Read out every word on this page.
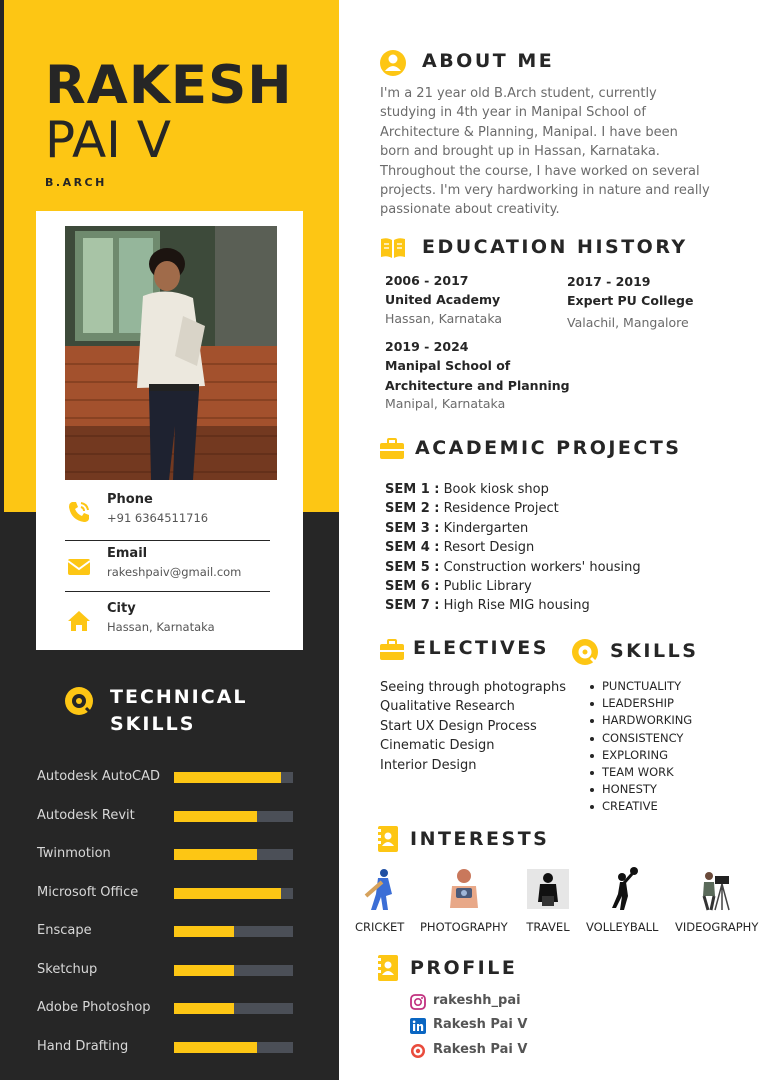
RAKESH
PAI V
B.ARCH
Phone
+91 6364511716
Email
rakeshpaiv@gmail.com
City
Hassan, Karnataka
TECHNICAL
SKILLS
Autodesk AutoCAD
Autodesk Revit
Twinmotion
Microsoft Office
Enscape
Sketchup
Adobe Photoshop
Hand Drafting
ABOUT ME
I'm a 21 year old B.Arch student, currently studying in 4th year in Manipal School of Architecture & Planning, Manipal. I have been born and brought up in Hassan, Karnataka. Throughout the course, I have worked on several projects. I'm very hardworking in nature and really passionate about creativity.
EDUCATION HISTORY
2006 - 2017
United Academy
Hassan, Karnataka
2017 - 2019
Expert PU College
Valachil, Mangalore
2019 - 2024
Manipal School of
Architecture and Planning
Manipal, Karnataka
ACADEMIC PROJECTS
SEM 1 : Book kiosk shop
SEM 2 : Residence Project
SEM 3 : Kindergarten
SEM 4 : Resort Design
SEM 5 : Construction workers' housing
SEM 6 : Public Library
SEM 7 : High Rise MIG housing
ELECTIVES
Seeing through photographs
Qualitative Research
Start UX Design Process
Cinematic Design
Interior Design
SKILLS
PUNCTUALITY
LEADERSHIP
HARDWORKING
CONSISTENCY
EXPLORING
TEAM WORK
HONESTY
CREATIVE
INTERESTS
CRICKET PHOTOGRAPHY TRAVEL VOLLEYBALL VIDEOGRAPHY
PROFILE
rakeshh_pai
Rakesh Pai V
Rakesh Pai V
